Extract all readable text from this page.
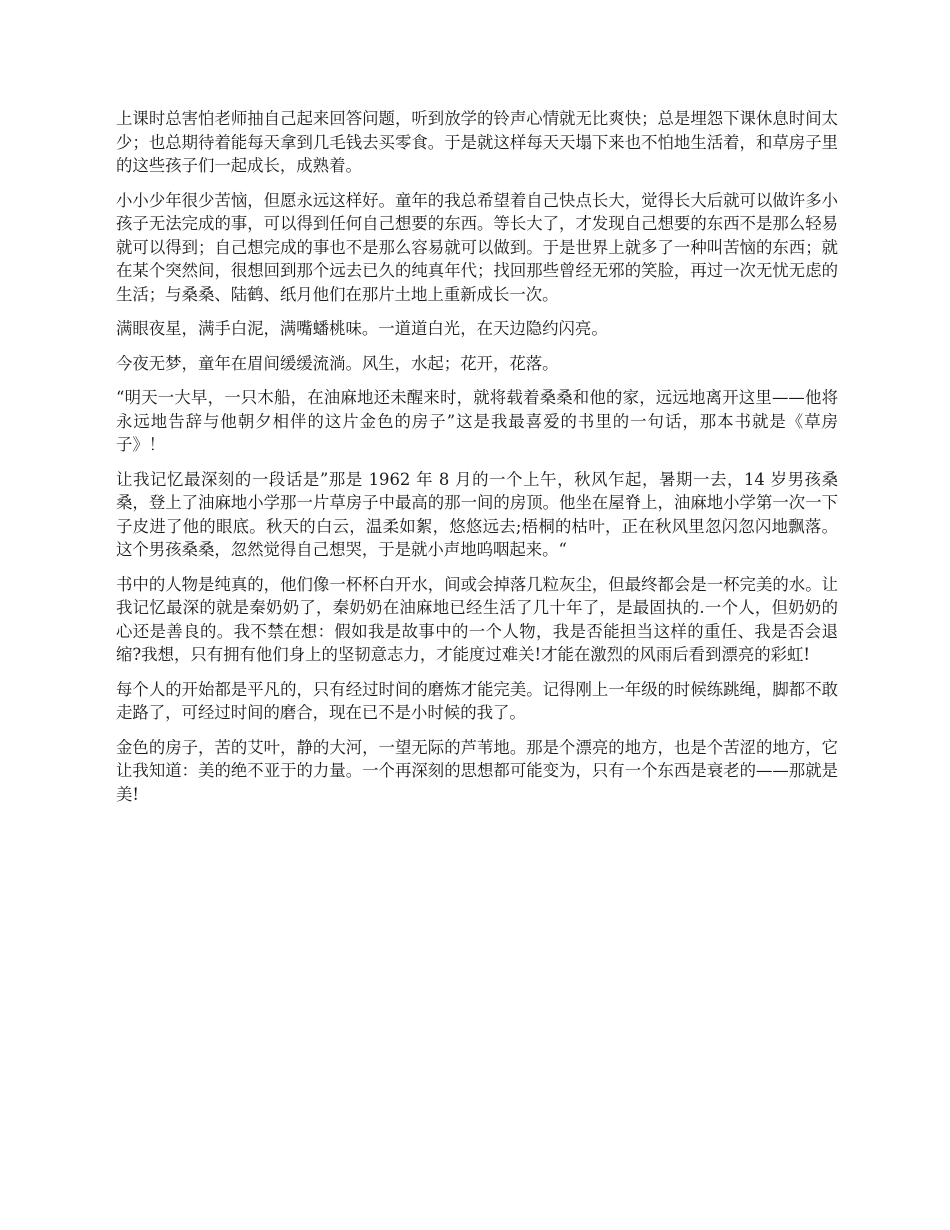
上课时总害怕老师抽自己起来回答问题，听到放学的铃声心情就无比爽快；总是埋怨下课休息时间太少；也总期待着能每天拿到几毛钱去买零食。于是就这样每天天塌下来也不怕地生活着，和草房子里的这些孩子们一起成长，成熟着。

小小少年很少苦恼，但愿永远这样好。童年的我总希望着自己快点长大，觉得长大后就可以做许多小孩子无法完成的事，可以得到任何自己想要的东西。等长大了，才发现自己想要的东西不是那么轻易就可以得到；自己想完成的事也不是那么容易就可以做到。于是世界上就多了一种叫苦恼的东西；就在某个突然间，很想回到那个远去已久的纯真年代；找回那些曾经无邪的笑脸，再过一次无忧无虑的生活；与桑桑、陆鹤、纸月他们在那片土地上重新成长一次。

满眼夜星，满手白泥，满嘴蟠桃味。一道道白光，在天边隐约闪亮。

今夜无梦，童年在眉间缓缓流淌。风生，水起；花开，花落。

“明天一大早，一只木船，在油麻地还未醒来时，就将载着桑桑和他的家，远远地离开这里——他将永远地告辞与他朝夕相伴的这片金色的房子”这是我最喜爱的书里的一句话，那本书就是《草房子》！

让我记忆最深刻的一段话是”那是 1962 年 8 月的一个上午，秋风乍起，暑期一去，14 岁男孩桑桑，登上了油麻地小学那一片草房子中最高的那一间的房顶。他坐在屋脊上，油麻地小学第一次一下子皮进了他的眼底。秋天的白云，温柔如絮，悠悠远去;梧桐的枯叶，正在秋风里忽闪忽闪地飘落。这个男孩桑桑，忽然觉得自己想哭，于是就小声地呜咽起来。“

书中的人物是纯真的，他们像一杯杯白开水，间或会掉落几粒灰尘，但最终都会是一杯完美的水。让我记忆最深的就是秦奶奶了，秦奶奶在油麻地已经生活了几十年了，是最固执的.一个人，但奶奶的心还是善良的。我不禁在想：假如我是故事中的一个人物，我是否能担当这样的重任、我是否会退缩?我想，只有拥有他们身上的坚韧意志力，才能度过难关!才能在激烈的风雨后看到漂亮的彩虹!

每个人的开始都是平凡的，只有经过时间的磨炼才能完美。记得刚上一年级的时候练跳绳，脚都不敢走路了，可经过时间的磨合，现在已不是小时候的我了。

金色的房子，苦的艾叶，静的大河，一望无际的芦苇地。那是个漂亮的地方，也是个苦涩的地方，它让我知道：美的绝不亚于的力量。一个再深刻的思想都可能变为，只有一个东西是衰老的——那就是美!
